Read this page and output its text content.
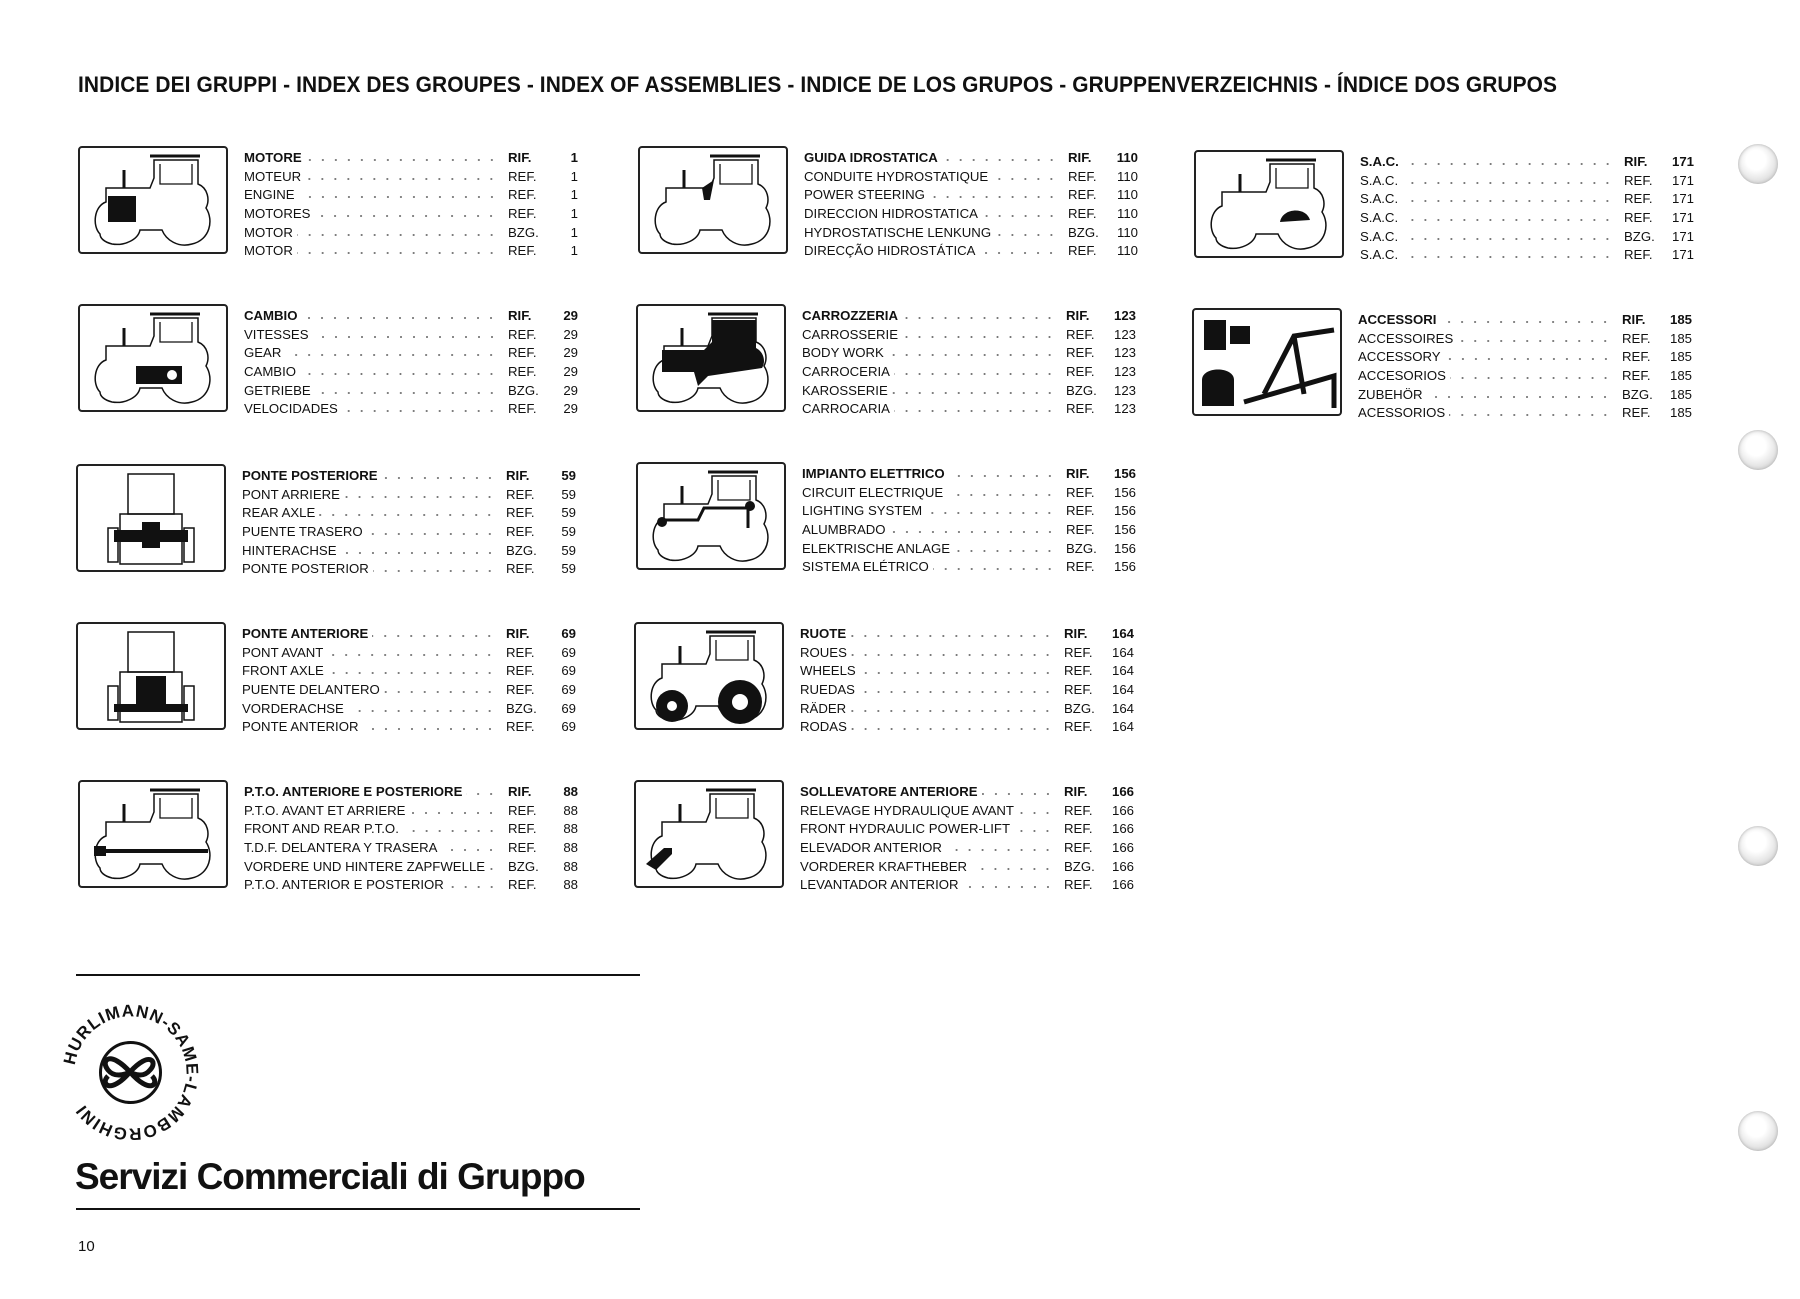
INDICE DEI GRUPPI - INDEX DES GROUPES - INDEX OF ASSEMBLIES - INDICE DE LOS GRUPOS - GRUPPENVERZEICHNIS - ÍNDICE DOS GRUPOS
MOTORE	RIF.	1
MOTEUR	REF.	1
ENGINE	REF.	1
MOTORES	REF.	1
MOTOR	BZG.	1
MOTOR	REF.	1
CAMBIO	RIF.	29
VITESSES	REF.	29
GEAR	REF.	29
CAMBIO	REF.	29
GETRIEBE	BZG.	29
VELOCIDADES	REF.	29
PONTE POSTERIORE	RIF.	59
PONT ARRIERE	REF.	59
REAR AXLE	REF.	59
PUENTE TRASERO	REF.	59
HINTERACHSE	BZG.	59
PONTE POSTERIOR	REF.	59
PONTE ANTERIORE	RIF.	69
PONT AVANT	REF.	69
FRONT AXLE	REF.	69
PUENTE DELANTERO	REF.	69
VORDERACHSE	BZG.	69
PONTE ANTERIOR	REF.	69
P.T.O. ANTERIORE E POSTERIORE	RIF.	88
P.T.O. AVANT ET ARRIERE	REF.	88
FRONT AND REAR P.T.O.	REF.	88
T.D.F. DELANTERA Y TRASERA	REF.	88
VORDERE UND HINTERE ZAPFWELLE	BZG.	88
P.T.O. ANTERIOR E POSTERIOR	REF.	88
GUIDA IDROSTATICA	RIF.	110
CONDUITE HYDROSTATIQUE	REF.	110
POWER STEERING	REF.	110
DIRECCION HIDROSTATICA	REF.	110
HYDROSTATISCHE LENKUNG	BZG.	110
DIRECÇÃO HIDROSTÁTICA	REF.	110
CARROZZERIA	RIF.	123
CARROSSERIE	REF.	123
BODY WORK	REF.	123
CARROCERIA	REF.	123
KAROSSERIE	BZG.	123
CARROCARIA	REF.	123
IMPIANTO ELETTRICO	RIF.	156
CIRCUIT ELECTRIQUE	REF.	156
LIGHTING SYSTEM	REF.	156
ALUMBRADO	REF.	156
ELEKTRISCHE ANLAGE	BZG.	156
SISTEMA ELÉTRICO	REF.	156
RUOTE	RIF.	164
ROUES	REF.	164
WHEELS	REF.	164
RUEDAS	REF.	164
RÄDER	BZG.	164
RODAS	REF.	164
SOLLEVATORE ANTERIORE	RIF.	166
RELEVAGE HYDRAULIQUE AVANT	REF.	166
FRONT HYDRAULIC POWER-LIFT	REF.	166
ELEVADOR ANTERIOR	REF.	166
VORDERER KRAFTHEBER	BZG.	166
LEVANTADOR ANTERIOR	REF.	166
S.A.C.	RIF.	171
S.A.C.	REF.	171
S.A.C.	REF.	171
S.A.C.	REF.	171
S.A.C.	BZG.	171
S.A.C.	REF.	171
ACCESSORI	RIF.	185
ACCESSOIRES	REF.	185
ACCESSORY	REF.	185
ACCESORIOS	REF.	185
ZUBEHÖR	BZG.	185
ACESSORIOS	REF.	185
HURLIMANN-SAME-LAMBORGHINI
Servizi Commerciali di Gruppo
10
